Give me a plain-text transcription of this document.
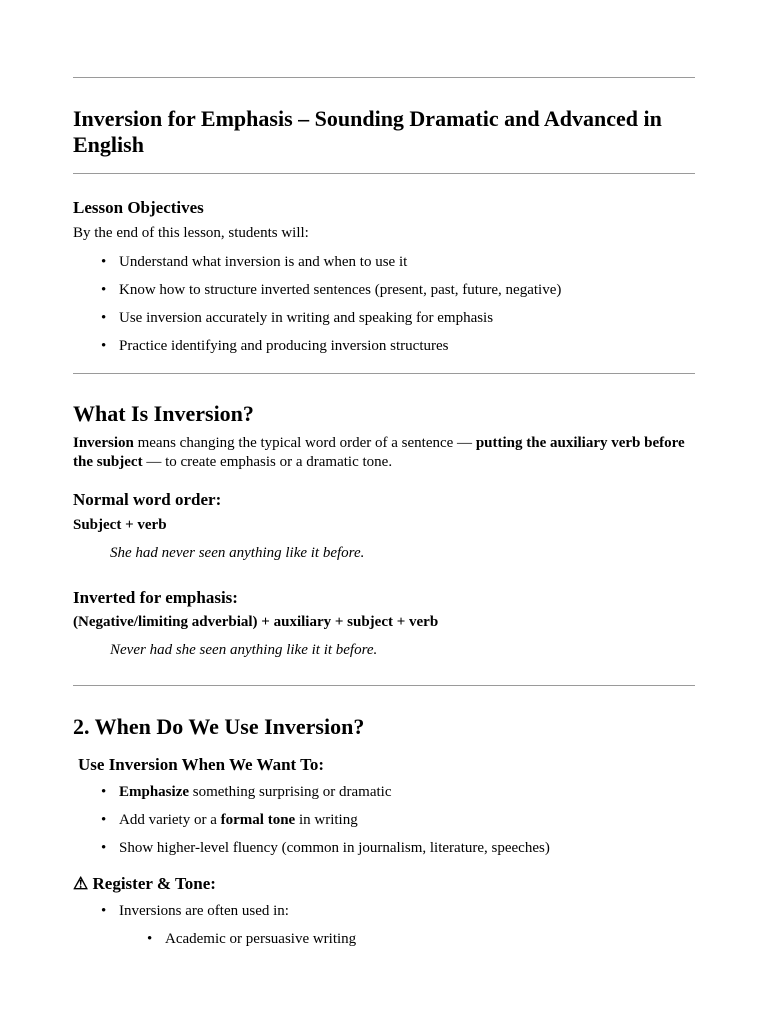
Inversion for Emphasis – Sounding Dramatic and Advanced in English
Lesson Objectives
By the end of this lesson, students will:
• Understand what inversion is and when to use it
• Know how to structure inverted sentences (present, past, future, negative)
• Use inversion accurately in writing and speaking for emphasis
• Practice identifying and producing inversion structures
What Is Inversion?
Inversion means changing the typical word order of a sentence — putting the auxiliary verb before the subject — to create emphasis or a dramatic tone.
Normal word order:
Subject + verb
She had never seen anything like it before.
Inverted for emphasis:
(Negative/limiting adverbial) + auxiliary + subject + verb
Never had she seen anything like it it before.
2. When Do We Use Inversion?
Use Inversion When We Want To:
• Emphasize something surprising or dramatic
• Add variety or a formal tone in writing
• Show higher-level fluency (common in journalism, literature, speeches)
⚠ Register & Tone:
• Inversions are often used in:
• Academic or persuasive writing
